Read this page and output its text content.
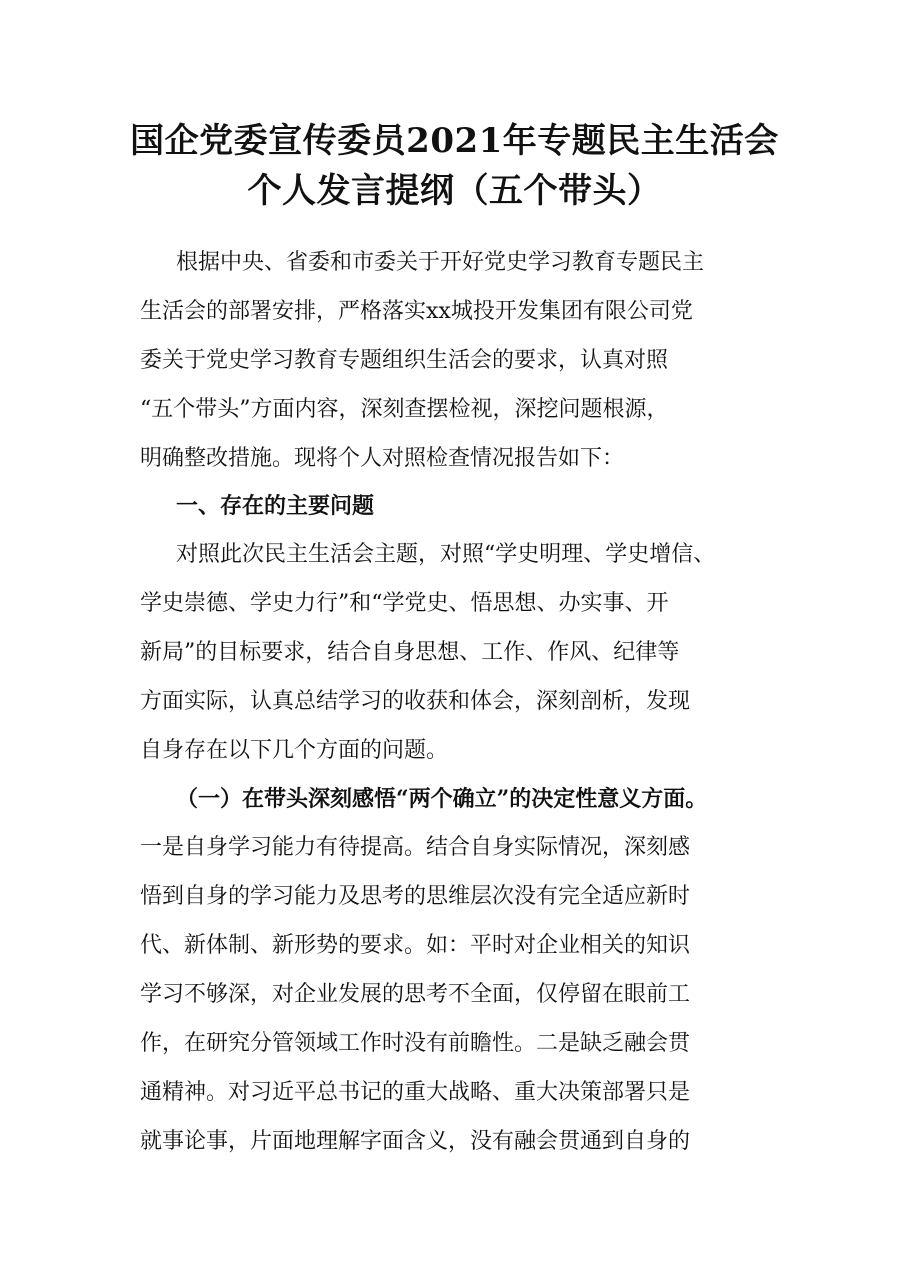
国企党委宣传委员2021年专题民主生活会
个人发言提纲（五个带头）
根据中央、省委和市委关于开好党史学习教育专题民主
生活会的部署安排，严格落实xx城投开发集团有限公司党
委关于党史学习教育专题组织生活会的要求，认真对照
“五个带头”方面内容，深刻查摆检视，深挖问题根源，
明确整改措施。现将个人对照检查情况报告如下：
一、存在的主要问题
对照此次民主生活会主题，对照“学史明理、学史增信、
学史崇德、学史力行”和“学党史、悟思想、办实事、开
新局”的目标要求，结合自身思想、工作、作风、纪律等
方面实际，认真总结学习的收获和体会，深刻剖析，发现
自身存在以下几个方面的问题。
（一）在带头深刻感悟“两个确立”的决定性意义方面。
一是自身学习能力有待提高。结合自身实际情况，深刻感
悟到自身的学习能力及思考的思维层次没有完全适应新时
代、新体制、新形势的要求。如：平时对企业相关的知识
学习不够深，对企业发展的思考不全面，仅停留在眼前工
作，在研究分管领域工作时没有前瞻性。二是缺乏融会贯
通精神。对习近平总书记的重大战略、重大决策部署只是
就事论事，片面地理解字面含义，没有融会贯通到自身的
